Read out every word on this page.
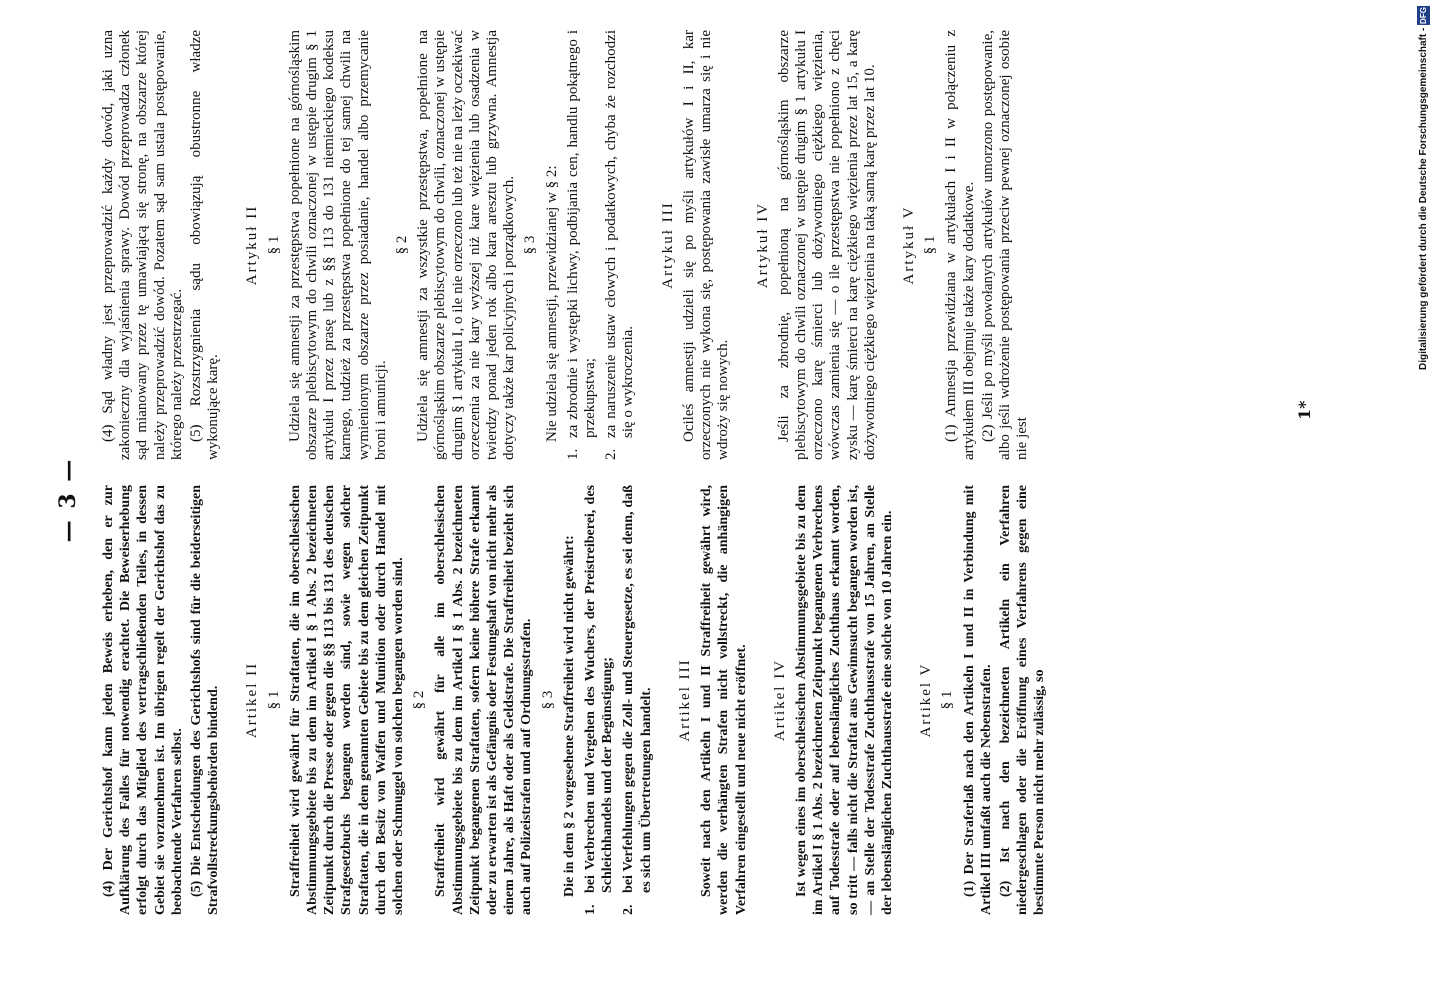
— 3 — (4) Der Gerichtshof kann jeden Beweis erheben, den er zur Aufklärung des Falles für notwendig erachtet. Die Beweiserhebung erfolgt durch das Mitglied des vertragschließenden Teiles, in dessen Gebiet sie vorzunehmen ist. Im übrigen regelt der Gerichtshof das zu beobachtende Verfahren selbst. (5) Die Entscheidungen des Gerichtshofs sind für die beiderseitigen Strafvollstreckungsbehörden bindend. Artikel II § 1 Straffreiheit wird gewährt für Straftaten, die im oberschlesischen Abstimmungsgebiete bis zu dem im Artikel I § 1 Abs. 2 bezeichneten Zeitpunkt durch die Presse oder gegen die §§ 113 bis 131 des deutschen Strafgesetzbuchs begangen worden sind, sowie wegen solcher Straftaten, die in dem genannten Gebiete bis zu dem gleichen Zeitpunkt durch den Besitz von Waffen und Munition oder durch Handel mit solchen oder Schmuggel von solchen begangen worden sind. § 2 Straffreiheit wird gewährt für alle im oberschlesischen Abstimmungsgebiete bis zu dem im Artikel I § 1 Abs. 2 bezeichneten Zeitpunkt begangenen Straftaten, sofern keine höhere Strafe erkannt oder zu erwarten ist als Gefängnis oder Festungshaft von nicht mehr als einem Jahre, als Haft oder als Geldstrafe. Die Straffreiheit bezieht sich auch auf Polizeistrafen und auf Ordnungsstrafen. § 3 Die in dem § 2 vorgesehene Straffreiheit wird nicht gewährt:

1.
bei Verbrechen und Vergehen des Wuchers, der Preistreiberei, des Schleichhandels und der Begünstigung;

2.
bei Verfehlungen gegen die Zoll- und Steuergesetze, es sei denn, daß es sich um Übertretungen handelt. Artikel III Soweit nach den Artikeln I und II Straffreiheit gewährt wird, werden die verhängten Strafen nicht vollstreckt, die anhängigen Verfahren eingestellt und neue nicht eröffnet. Artikel IV Ist wegen eines im oberschlesischen Abstimmungsgebiete bis zu dem im Artikel I § 1 Abs. 2 bezeichneten Zeitpunkt begangenen Verbrechens auf Todesstrafe oder auf lebenslängliches Zuchthaus erkannt worden, so tritt — falls nicht die Straftat aus Gewinnsucht begangen worden ist, — an Stelle der Todesstrafe Zuchthausstrafe von 15 Jahren, an Stelle der lebenslänglichen Zuchthausstrafe eine solche von 10 Jahren ein. Artikel V § 1 (1) Der Straferlaß nach den Artikeln I und II in Verbindung mit Artikel III umfaßt auch die Nebenstrafen. (2) Ist nach den bezeichneten Artikeln ein Verfahren niedergeschlagen oder die Eröffnung eines Verfahrens gegen eine bestimmte Person nicht mehr zulässig, so

(4) Sąd władny jest przeprowadzić każdy dowód, jaki uzna zakonieczny dla wyjaśnienia sprawy. Dowód przeprowadza członek sąd mianowany przez tę umawiającą się stronę, na obszarze której należy przeprowadzić dowód. Pozatem sąd sam ustala postępowanie, którego należy przestrzegać. (5) Rozstrzygnienia sądu obowiązują obustronne władze wykonujące karę.

Artykuł II § 1 Udziela się amnestji za przestępstwa popełnione na górnośląskim obszarze plebiscytowym do chwili oznaczonej w ustępie drugim § 1 artykułu I przez prasę lub z §§ 113 do 131 niemieckiego kodeksu karnego, tudzież za przestępstwa popełnione do tej samej chwili na wymienionym obszarze przez posiadanie, handel albo przemycanie broni i amunicji.

§ 2 Udziela się amnestji za wszystkie przestępstwa, popełnione na górnośląskim obszarze plebiscytowym do chwili, oznaczonej w ustępie drugim § 1 artykułu I, o ile nie orzeczono lub też nie na leży oczekiwać orzeczenia za nie kary wyższej niż kare więzienia lub osadzenia w twierdzy ponad jeden rok albo kara aresztu lub grzywna. Amnestja dotyczy także kar policyjnych i porządkowych. § 3 Nie udziela się amnestji, przewidzianej w § 2:

1.
za zbrodnie i występki lichwy, podbijania cen, handlu pokątnego i przekupstwa;

2.
za naruszenie ustaw cłowych i podatkowych, chyba że rozchodzi się o wykroczenia.

Artykuł III Ocileś amnestji udzieli się po myśli artykułów I i II, kar orzeczonych nie wykona się, postępowania zawisłe umarza się i nie wdroży się nowych.

Artykuł IV Jeśli za zbrodnię, popełnioną na górnośląskim obszarze plebiscytowym do chwili oznaczonej w ustępie drugim § 1 artykułu I orzeczono karę śmierci lub dożywotniego ciężkiego więzienia, wówczas zamienia się — o ile przestępstwa nie popełniono z chęci zysku — karę śmierci na karę ciężkiego więzienia przez lat 15, a karę dożywotniego ciężkiego więzienia na taką samą karę przez lat 10. Artykuł V § 1 (1) Amnestja przewidziana w artykułach I i II w połączeniu z artykułem III obejmuje także kary dodatkowe. (2) Jeśli po myśli powołanych artykułów umorzono postępowanie, albo jeśli wdrożenie postępowania przeciw pewnej oznaczonej osobie nie jest

1*
Digitalisierung gefördert durch die Deutsche Forschungsgemeinschaft - DFG
